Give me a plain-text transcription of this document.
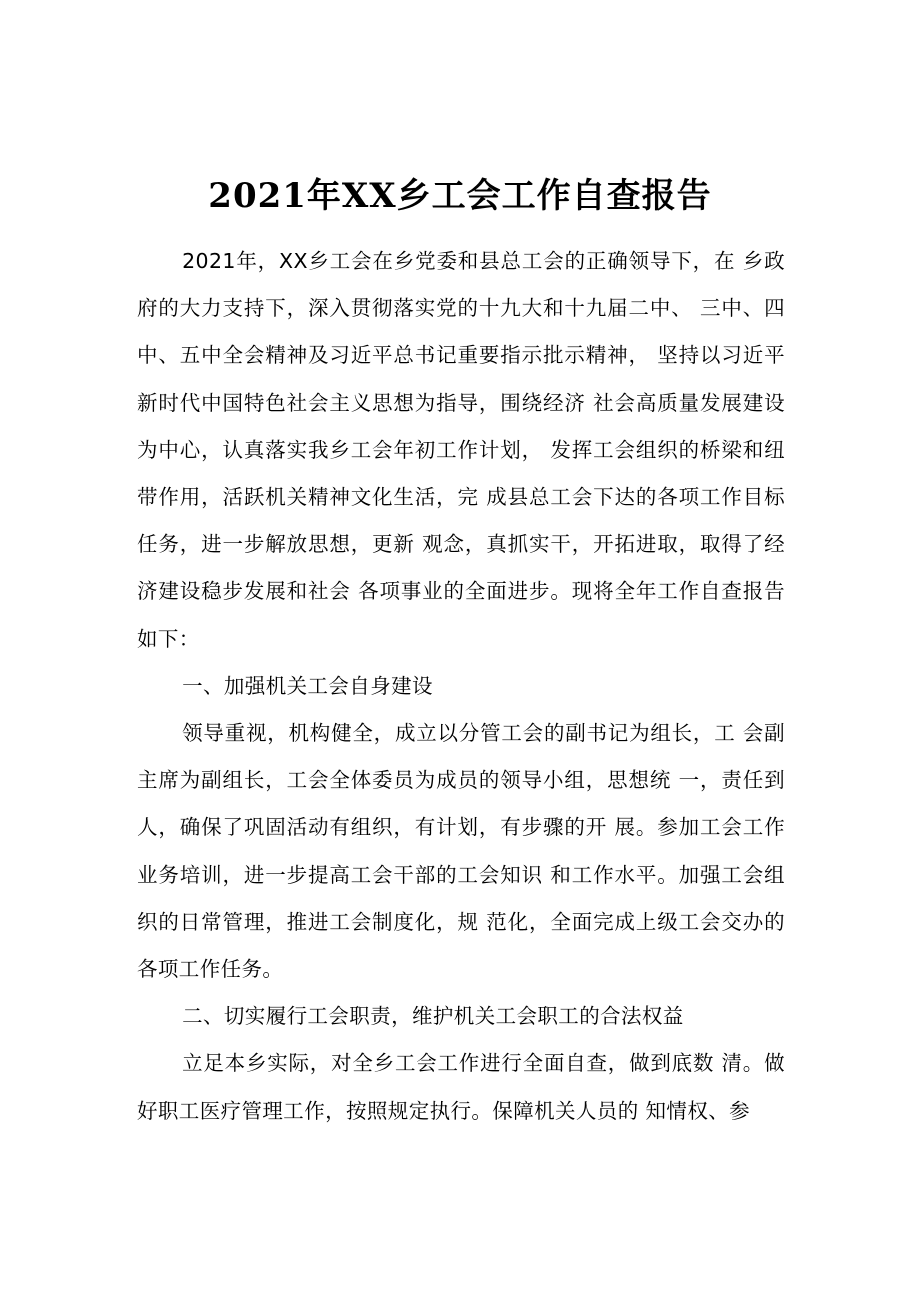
2021年XX乡工会工作自查报告

2021年，XX乡工会在乡党委和县总工会的正确领导下，在 乡政府的大力支持下，深入贯彻落实党的十九大和十九届二中、 三中、四中、五中全会精神及习近平总书记重要指示批示精神， 坚持以习近平新时代中国特色社会主义思想为指导，围绕经济 社会高质量发展建设为中心，认真落实我乡工会年初工作计划， 发挥工会组织的桥梁和纽带作用，活跃机关精神文化生活，完 成县总工会下达的各项工作目标任务，进一步解放思想，更新 观念，真抓实干，开拓进取，取得了经济建设稳步发展和社会 各项事业的全面进步。现将全年工作自查报告如下：

一、加强机关工会自身建设

领导重视，机构健全，成立以分管工会的副书记为组长，工 会副主席为副组长，工会全体委员为成员的领导小组，思想统 一，责任到人，确保了巩固活动有组织，有计划，有步骤的开 展。参加工会工作业务培训，进一步提高工会干部的工会知识 和工作水平。加强工会组织的日常管理，推进工会制度化，规 范化，全面完成上级工会交办的各项工作任务。

二、切实履行工会职责，维护机关工会职工的合法权益

立足本乡实际，对全乡工会工作进行全面自查，做到底数 清。做好职工医疗管理工作，按照规定执行。保障机关人员的 知情权、参
